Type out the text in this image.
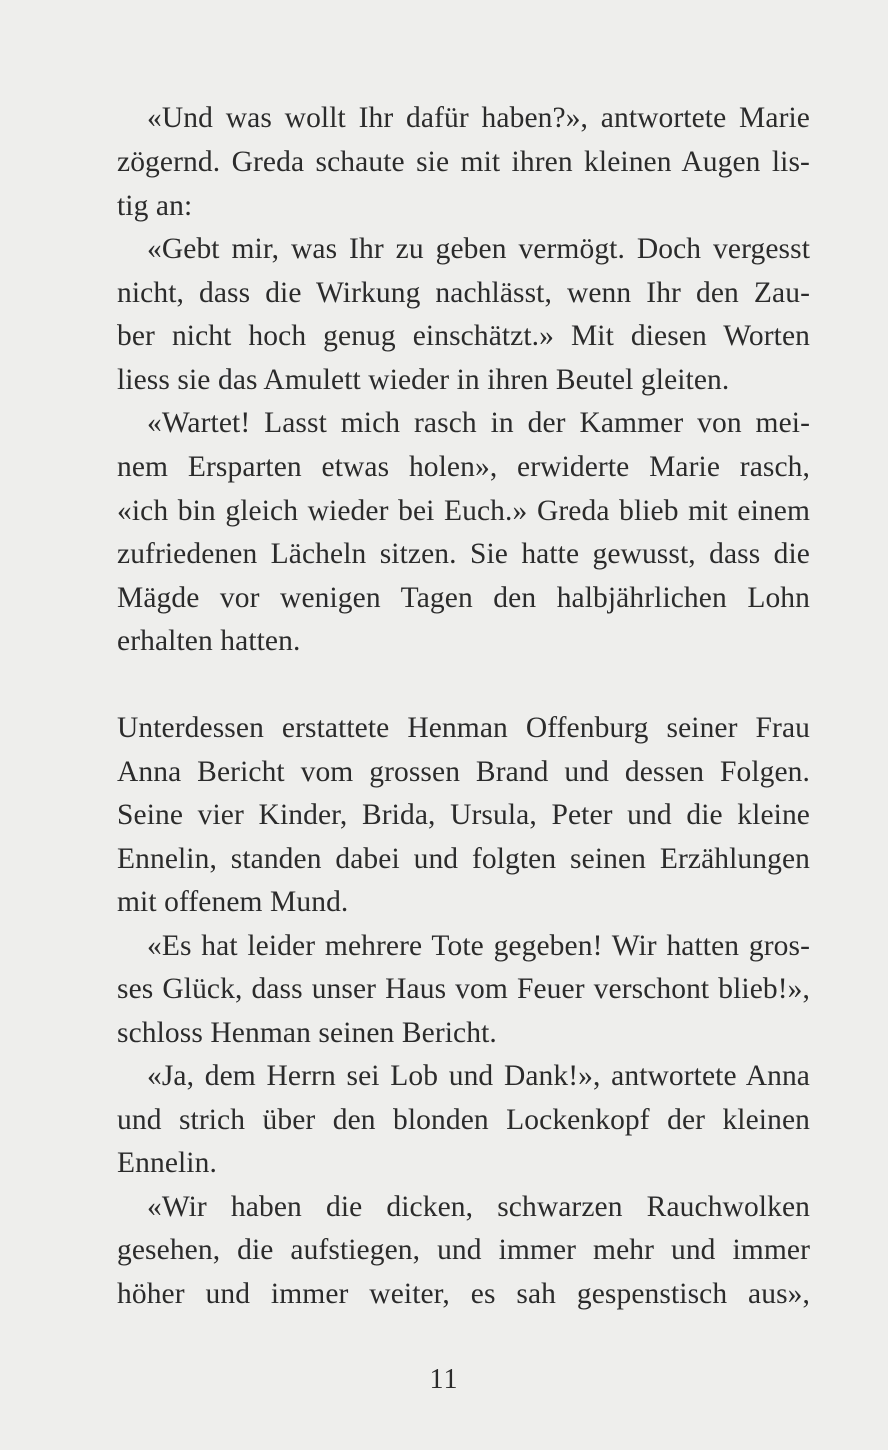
«Und was wollt Ihr dafür haben?», antwortete Marie
zögernd. Greda schaute sie mit ihren kleinen Augen lis-
tig an:
«Gebt mir, was Ihr zu geben vermögt. Doch vergesst
nicht, dass die Wirkung nachlässt, wenn Ihr den Zau-
ber nicht hoch genug einschätzt.» Mit diesen Worten
liess sie das Amulett wieder in ihren Beutel gleiten.
«Wartet! Lasst mich rasch in der Kammer von mei-
nem Ersparten etwas holen», erwiderte Marie rasch,
«ich bin gleich wieder bei Euch.» Greda blieb mit einem
zufriedenen Lächeln sitzen. Sie hatte gewusst, dass die
Mägde vor wenigen Tagen den halbjährlichen Lohn
erhalten hatten.
Unterdessen erstattete Henman Offenburg seiner Frau
Anna Bericht vom grossen Brand und dessen Folgen.
Seine vier Kinder, Brida, Ursula, Peter und die kleine
Ennelin, standen dabei und folgten seinen Erzählungen
mit offenem Mund.
«Es hat leider mehrere Tote gegeben! Wir hatten gros-
ses Glück, dass unser Haus vom Feuer verschont blieb!»,
schloss Henman seinen Bericht.
«Ja, dem Herrn sei Lob und Dank!», antwortete Anna
und strich über den blonden Lockenkopf der kleinen
Ennelin.
«Wir haben die dicken, schwarzen Rauchwolken
gesehen, die aufstiegen, und immer mehr und immer
höher und immer weiter, es sah gespenstisch aus»,
11
